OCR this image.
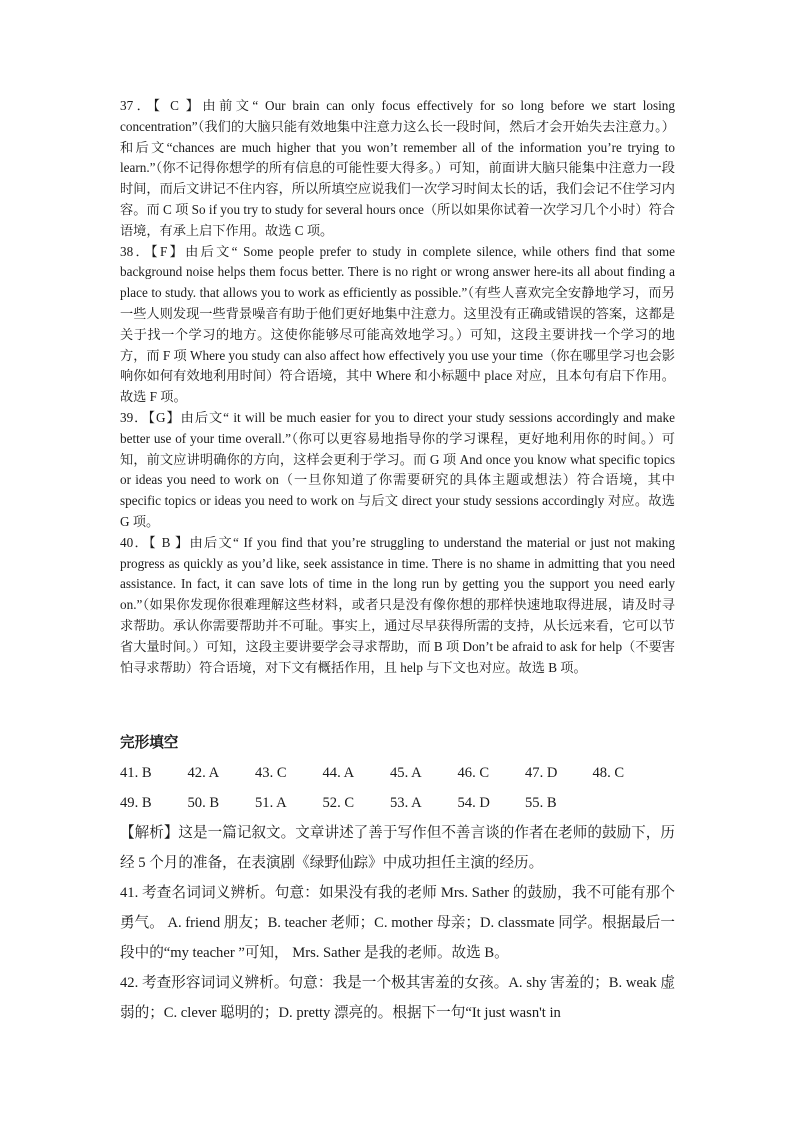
37．【 C 】由前文“ Our brain can only focus effectively for so long before we start losing concentration”（我们的大脑只能有效地集中注意力这么长一段时间，然后才会开始失去注意力。）和后文“chances are much higher that you won’t remember all of the information you’re trying to learn.”（你不记得你想学的所有信息的可能性要大得多。）可知，前面讲大脑只能集中注意力一段时间，而后文讲记不住内容，所以所填空应说我们一次学习时间太长的话，我们会记不住学习内容。而 C 项 So if you try to study for several hours once（所以如果你试着一次学习几个小时）符合语境，有承上启下作用。故选 C 项。

38．【F】由后文“ Some people prefer to study in complete silence, while others find that some background noise helps them focus better. There is no right or wrong answer here-its all about finding a place to study. that allows you to work as efficiently as possible.”（有些人喜欢完全安静地学习，而另一些人则发现一些背景噪音有助于他们更好地集中注意力。这里没有正确或错误的答案，这都是关于找一个学习的地方。这使你能够尽可能高效地学习。）可知，这段主要讲找一个学习的地方，而 F 项 Where you study can also affect how effectively you use your time（你在哪里学习也会影响你如何有效地利用时间）符合语境，其中 Where 和小标题中 place 对应，且本句有启下作用。故选 F 项。

39．【G】由后文“ it will be much easier for you to direct your study sessions accordingly and make better use of your time overall.”（你可以更容易地指导你的学习课程，更好地利用你的时间。）可知，前文应讲明确你的方向，这样会更利于学习。而 G 项 And once you know what specific topics or ideas you need to work on（一旦你知道了你需要研究的具体主题或想法）符合语境，其中 specific topics or ideas you need to work on 与后文 direct your study sessions accordingly 对应。故选 G 项。

40．【 B 】由后文“ If you find that you’re struggling to understand the material or just not making progress as quickly as you’d like, seek assistance in time. There is no shame in admitting that you need assistance. In fact, it can save lots of time in the long run by getting you the support you need early on.”（如果你发现你很难理解这些材料，或者只是没有像你想的那样快速地取得进展，请及时寻求帮助。承认你需要帮助并不可耻。事实上，通过尽早获得所需的支持，从长远来看，它可以节省大量时间。）可知，这段主要讲要学会寻求帮助，而 B 项 Don’t be afraid to ask for help（不要害怕寻求帮助）符合语境，对下文有概括作用，且 help 与下文也对应。故选 B 项。

完形填空

41. B	42. A	43. C	44. A	45. A	46. C	47. D	48. C
49. B	50. B	51. A	52. C	53. A	54. D	55. B

【解析】这是一篇记叙文。文章讲述了善于写作但不善言谈的作者在老师的鼓励下，历经 5 个月的准备，在表演剧《绿野仙踪》中成功担任主演的经历。

41. 考查名词词义辨析。句意：如果没有我的老师 Mrs. Sather 的鼓励，我不可能有那个勇气。 A. friend 朋友；B. teacher 老师；C. mother 母亲；D. classmate 同学。根据最后一段中的“my teacher ”可知， Mrs. Sather 是我的老师。故选 B。

42. 考查形容词词义辨析。句意：我是一个极其害羞的女孩。A. shy 害羞的；B. weak 虚弱的；C. clever 聪明的；D. pretty 漂亮的。根据下一句“It just wasn't in
